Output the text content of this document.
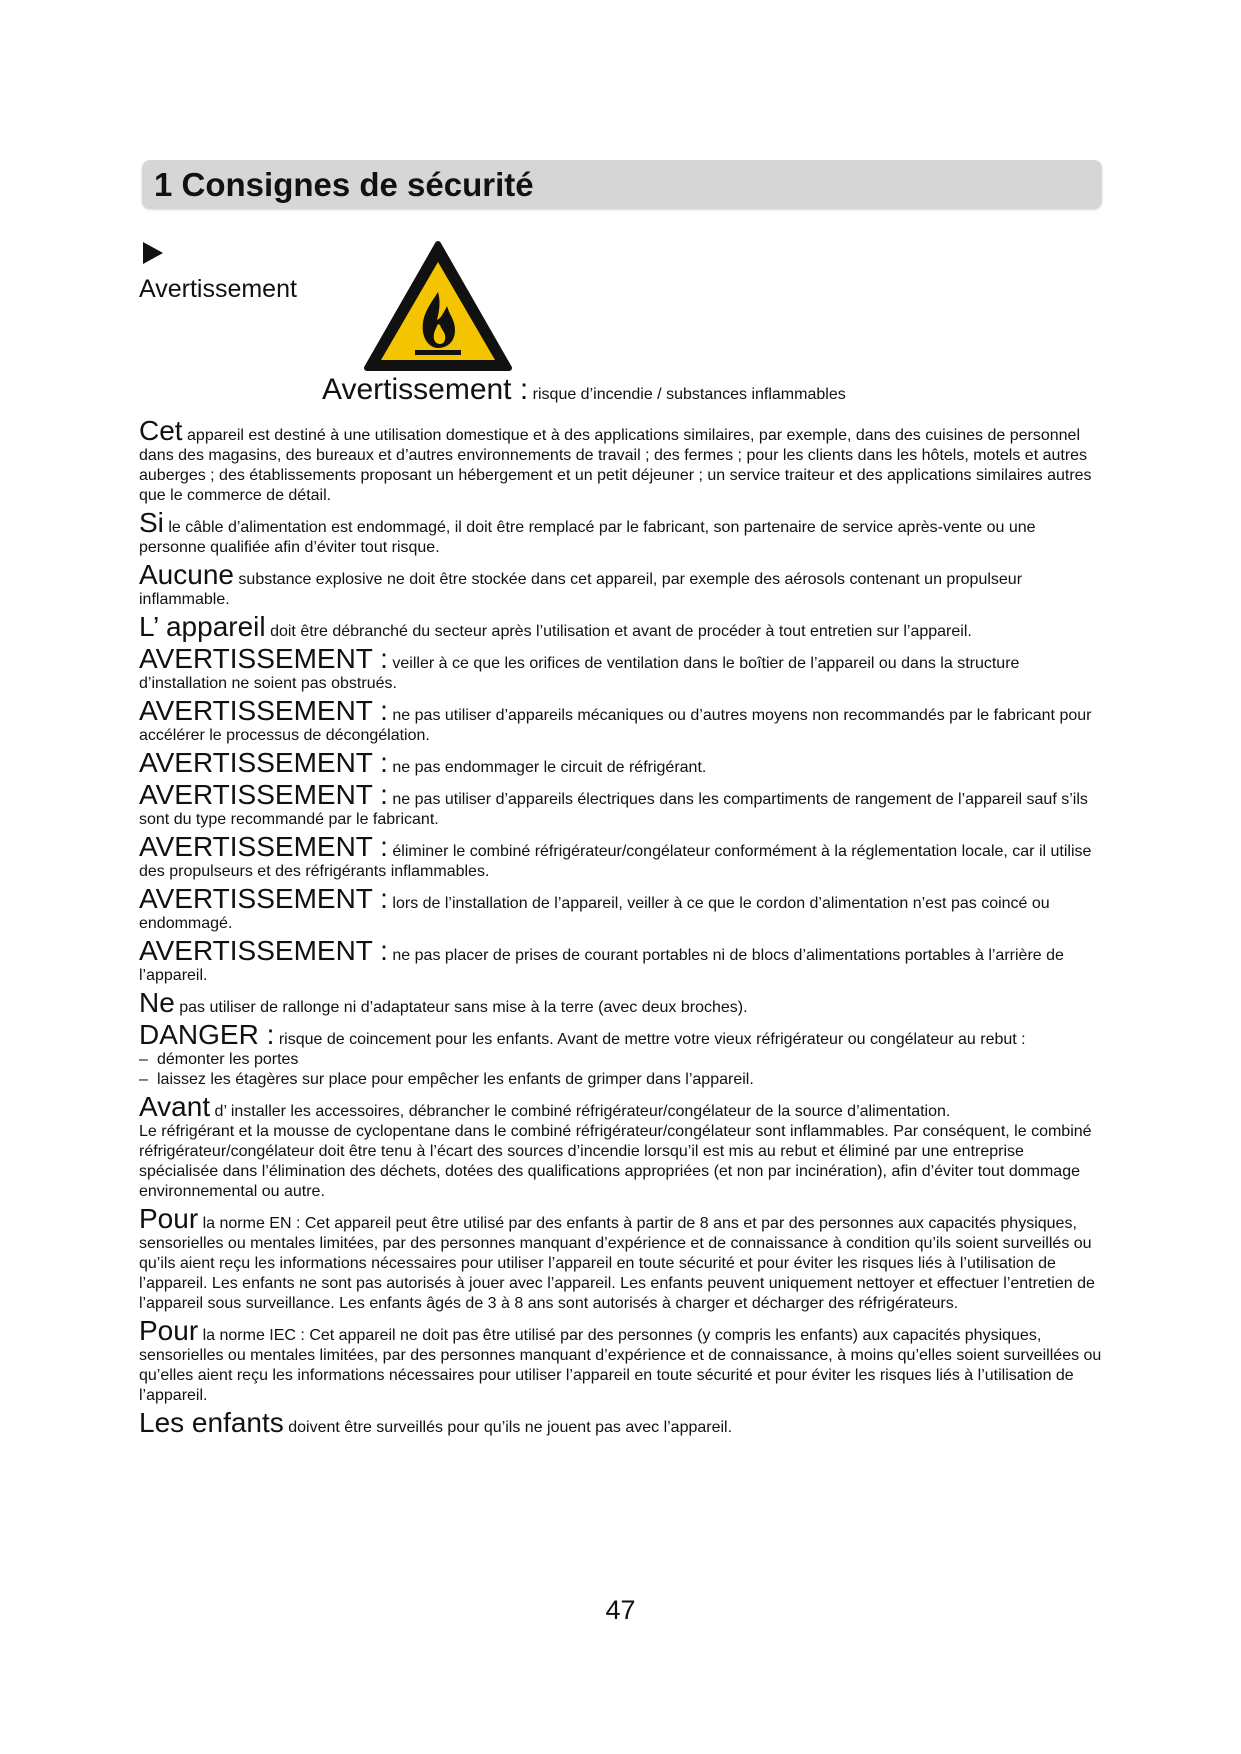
1 Consignes de sécurité
Avertissement
Avertissement : risque d’incendie / substances inflammables

Cet appareil est destiné à une utilisation domestique et à des applications similaires, par exemple, dans des cuisines de personnel dans des magasins, des bureaux et d’autres environnements de travail ; des fermes ; pour les clients dans les hôtels, motels et autres auberges ; des établissements proposant un hébergement et un petit déjeuner ; un service traiteur et des applications similaires autres que le commerce de détail.

Si le câble d’alimentation est endommagé, il doit être remplacé par le fabricant, son partenaire de service après-vente ou une personne qualifiée afin d’éviter tout risque.

Aucune substance explosive ne doit être stockée dans cet appareil, par exemple des aérosols contenant un propulseur inflammable.

L’ appareil doit être débranché du secteur après l’utilisation et avant de procéder à tout entretien sur l’appareil.

AVERTISSEMENT : veiller à ce que les orifices de ventilation dans le boîtier de l’appareil ou dans la structure d’installation ne soient pas obstrués.

AVERTISSEMENT : ne pas utiliser d’appareils mécaniques ou d’autres moyens non recommandés par le fabricant pour accélérer le processus de décongélation.

AVERTISSEMENT : ne pas endommager le circuit de réfrigérant.

AVERTISSEMENT : ne pas utiliser d’appareils électriques dans les compartiments de rangement de l’appareil sauf s’ils sont du type recommandé par le fabricant.

AVERTISSEMENT : éliminer le combiné réfrigérateur/congélateur conformément à la réglementation locale, car il utilise des propulseurs et des réfrigérants inflammables.

AVERTISSEMENT : lors de l’installation de l’appareil, veiller à ce que le cordon d’alimentation n’est pas coincé ou endommagé.

AVERTISSEMENT : ne pas placer de prises de courant portables ni de blocs d’alimentations portables à l’arrière de l’appareil.

Ne pas utiliser de rallonge ni d’adaptateur sans mise à la terre (avec deux broches).

DANGER : risque de coincement pour les enfants. Avant de mettre votre vieux réfrigérateur ou congélateur au rebut :

– démonter les portes

– laissez les étagères sur place pour empêcher les enfants de grimper dans l’appareil.

Avant d’ installer les accessoires, débrancher le combiné réfrigérateur/congélateur de la source d’alimentation.

Le réfrigérant et la mousse de cyclopentane dans le combiné réfrigérateur/congélateur sont inflammables. Par conséquent, le combiné réfrigérateur/congélateur doit être tenu à l’écart des sources d’incendie lorsqu’il est mis au rebut et éliminé par une entreprise spécialisée dans l’élimination des déchets, dotées des qualifications appropriées (et non par incinération), afin d’éviter tout dommage environnemental ou autre.

Pour la norme EN : Cet appareil peut être utilisé par des enfants à partir de 8 ans et par des personnes aux capacités physiques, sensorielles ou mentales limitées, par des personnes manquant d’expérience et de connaissance à condition qu’ils soient surveillés ou qu’ils aient reçu les informations nécessaires pour utiliser l’appareil en toute sécurité et pour éviter les risques liés à l’utilisation de l’appareil. Les enfants ne sont pas autorisés à jouer avec l’appareil. Les enfants peuvent uniquement nettoyer et effectuer l’entretien de l’appareil sous surveillance. Les enfants âgés de 3 à 8 ans sont autorisés à charger et décharger des réfrigérateurs.

Pour la norme IEC : Cet appareil ne doit pas être utilisé par des personnes (y compris les enfants) aux capacités physiques, sensorielles ou mentales limitées, par des personnes manquant d’expérience et de connaissance, à moins qu’elles soient surveillées ou qu’elles aient reçu les informations nécessaires pour utiliser l’appareil en toute sécurité et pour éviter les risques liés à l’utilisation de l’appareil.

Les enfants doivent être surveillés pour qu’ils ne jouent pas avec l’appareil.

47
